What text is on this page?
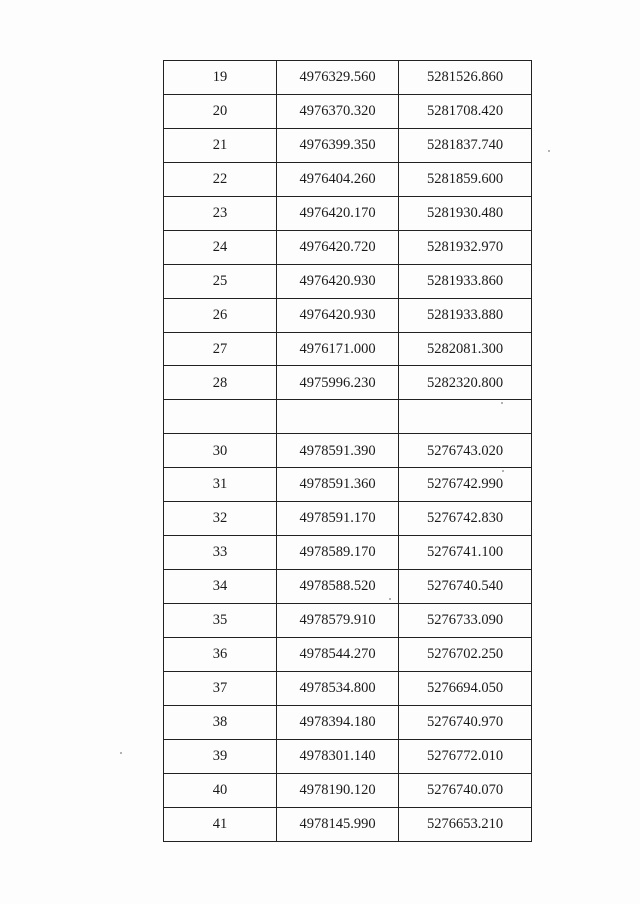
19	4976329.560	5281526.860
20	4976370.320	5281708.420
21	4976399.350	5281837.740
22	4976404.260	5281859.600
23	4976420.170	5281930.480
24	4976420.720	5281932.970
25	4976420.930	5281933.860
26	4976420.930	5281933.880
27	4976171.000	5282081.300
28	4975996.230	5282320.800

30	4978591.390	5276743.020
31	4978591.360	5276742.990
32	4978591.170	5276742.830
33	4978589.170	5276741.100
34	4978588.520	5276740.540
35	4978579.910	5276733.090
36	4978544.270	5276702.250
37	4978534.800	5276694.050
38	4978394.180	5276740.970
39	4978301.140	5276772.010
40	4978190.120	5276740.070
41	4978145.990	5276653.210
